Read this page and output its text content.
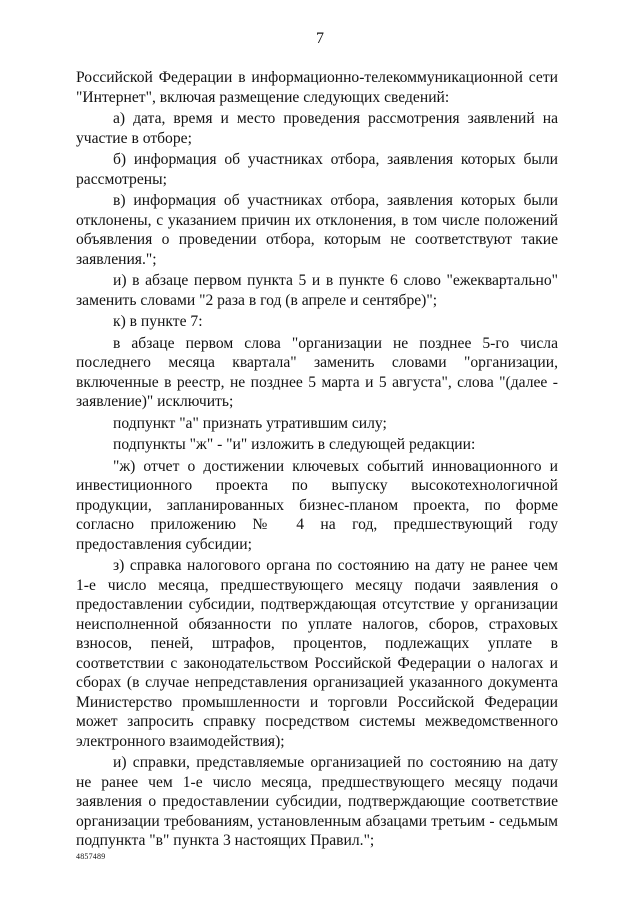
7

Российской Федерации в информационно-телекоммуникационной сети "Интернет", включая размещение следующих сведений:

а) дата, время и место проведения рассмотрения заявлений на участие в отборе;

б) информация об участниках отбора, заявления которых были рассмотрены;

в) информация об участниках отбора, заявления которых были отклонены, с указанием причин их отклонения, в том числе положений объявления о проведении отбора, которым не соответствуют такие заявления.";

и) в абзаце первом пункта 5 и в пункте 6 слово "ежеквартально" заменить словами "2 раза в год (в апреле и сентябре)";

к) в пункте 7:

в абзаце первом слова "организации не позднее 5-го числа последнего месяца квартала" заменить словами "организации, включенные в реестр, не позднее 5 марта и 5 августа", слова "(далее - заявление)" исключить;

подпункт "а" признать утратившим силу;

подпункты "ж" - "и" изложить в следующей редакции:

"ж) отчет о достижении ключевых событий инновационного и инвестиционного проекта по выпуску высокотехнологичной продукции, запланированных бизнес-планом проекта, по форме согласно приложению № 4 на год, предшествующий году предоставления субсидии;

з) справка налогового органа по состоянию на дату не ранее чем 1-е число месяца, предшествующего месяцу подачи заявления о предоставлении субсидии, подтверждающая отсутствие у организации неисполненной обязанности по уплате налогов, сборов, страховых взносов, пеней, штрафов, процентов, подлежащих уплате в соответствии с законодательством Российской Федерации о налогах и сборах (в случае непредставления организацией указанного документа Министерство промышленности и торговли Российской Федерации может запросить справку посредством системы межведомственного электронного взаимодействия);

и) справки, представляемые организацией по состоянию на дату не ранее чем 1-е число месяца, предшествующего месяцу подачи заявления о предоставлении субсидии, подтверждающие соответствие организации требованиям, установленным абзацами третьим - седьмым подпункта "в" пункта 3 настоящих Правил.";

4857489
